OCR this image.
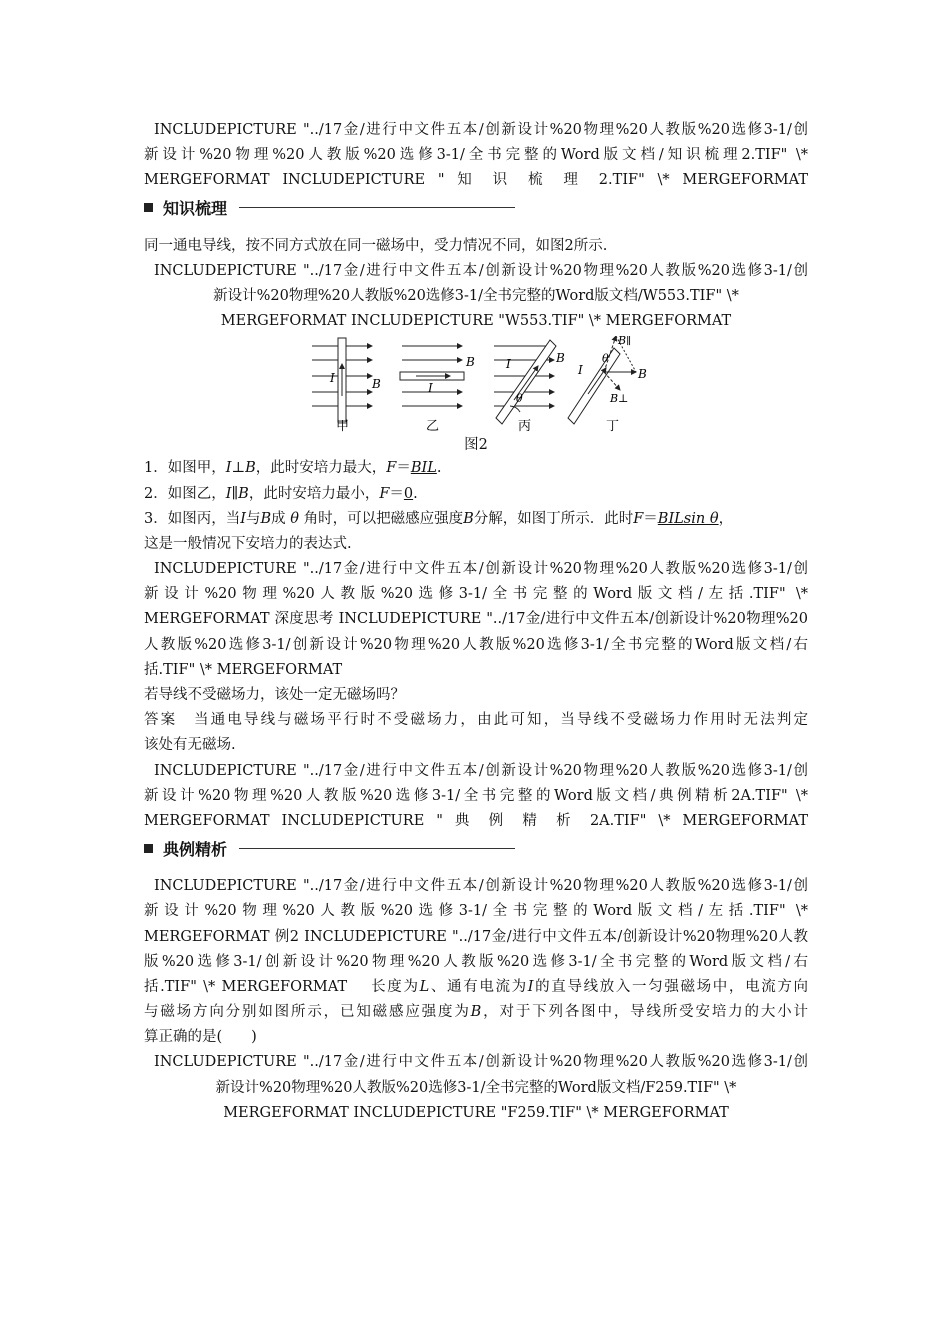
INCLUDEPICTURE "../17金/进行中文件五本/创新设计%20物理%20人教版%20选修3-1/创
新设计%20物理%20人教版%20选修3-1/全书完整的Word版文档/知识梳理2.TIF" \*
MERGEFORMAT INCLUDEPICTURE " 知 识 梳 理 2.TIF" \* MERGEFORMAT
知识梳理
同一通电导线，按不同方式放在同一磁场中，受力情况不同，如图2所示.
INCLUDEPICTURE "../17金/进行中文件五本/创新设计%20物理%20人教版%20选修3-1/创
新设计%20物理%20人教版%20选修3-1/全书完整的Word版文档/W553.TIF" \*
MERGEFORMAT INCLUDEPICTURE "W553.TIF" \* MERGEFORMAT
I	B	I
B	I
θ
B
I
θ
B
B∥
B⊥
甲	乙	丙	丁
图2
1．如图甲，I⊥B，此时安培力最大，F＝BIL.
2．如图乙，I∥B，此时安培力最小，F＝0.
3．如图丙，当I与B成 θ 角时，可以把磁感应强度B分解，如图丁所示．此时F＝BILsin θ，
这是一般情况下安培力的表达式.
INCLUDEPICTURE "../17金/进行中文件五本/创新设计%20物理%20人教版%20选修3-1/创
新设计%20物理%20人教版%20选修3-1/全书完整的Word版文档/左括.TIF" \*
MERGEFORMAT 深度思考 INCLUDEPICTURE "../17金/进行中文件五本/创新设计%20物理%20
人教版%20选修3-1/创新设计%20物理%20人教版%20选修3-1/全书完整的Word版文档/右
括.TIF" \* MERGEFORMAT
若导线不受磁场力，该处一定无磁场吗？
答案　当通电导线与磁场平行时不受磁场力，由此可知，当导线不受磁场力作用时无法判定
该处有无磁场.
INCLUDEPICTURE "../17金/进行中文件五本/创新设计%20物理%20人教版%20选修3-1/创
新设计%20物理%20人教版%20选修3-1/全书完整的Word版文档/典例精析2A.TIF" \*
MERGEFORMAT INCLUDEPICTURE " 典 例 精 析 2A.TIF" \* MERGEFORMAT
典例精析
INCLUDEPICTURE "../17金/进行中文件五本/创新设计%20物理%20人教版%20选修3-1/创
新设计%20物理%20人教版%20选修3-1/全书完整的Word版文档/左括.TIF" \*
MERGEFORMAT 例2 INCLUDEPICTURE "../17金/进行中文件五本/创新设计%20物理%20人教
版%20选修3-1/创新设计%20物理%20人教版%20选修3-1/全书完整的Word版文档/右
括.TIF" \* MERGEFORMAT　 长度为L、通有电流为I的直导线放入一匀强磁场中，电流方向
与磁场方向分别如图所示，已知磁感应强度为B，对于下列各图中，导线所受安培力的大小计
算正确的是(　　)
INCLUDEPICTURE "../17金/进行中文件五本/创新设计%20物理%20人教版%20选修3-1/创
新设计%20物理%20人教版%20选修3-1/全书完整的Word版文档/F259.TIF" \*
MERGEFORMAT INCLUDEPICTURE "F259.TIF" \* MERGEFORMAT
